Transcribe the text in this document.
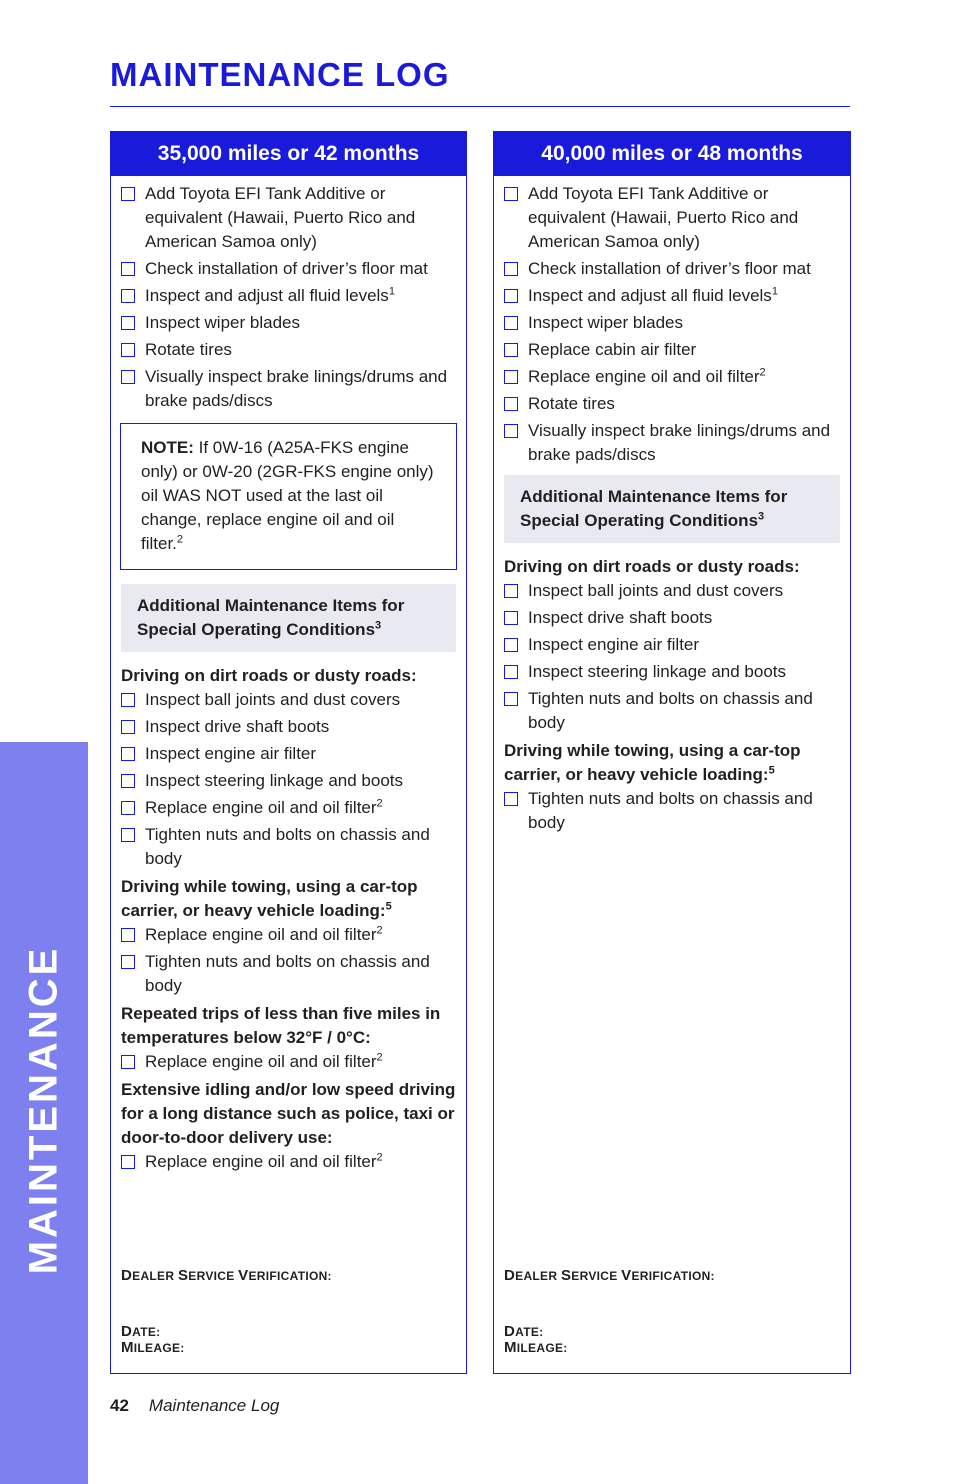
MAINTENANCE
MAINTENANCE LOG
35,000 miles or 42 months
Add Toyota EFI Tank Additive or equivalent (Hawaii, Puerto Rico and American Samoa only)
Check installation of driver’s floor mat
Inspect and adjust all fluid levels$^1$
Inspect wiper blades
Rotate tires
Visually inspect brake linings/drums and brake pads/discs
NOTE: If 0W-16 (A25A-FKS engine only) or 0W-20 (2GR-FKS engine only) oil WAS NOT used at the last oil change, replace engine oil and oil filter.$^2$
Additional Maintenance Items for Special Operating Conditions$^3$
Driving on dirt roads or dusty roads:
Inspect ball joints and dust covers
Inspect drive shaft boots
Inspect engine air filter
Inspect steering linkage and boots
Replace engine oil and oil filter$^2$
Tighten nuts and bolts on chassis and body
Driving while towing, using a car-top carrier, or heavy vehicle loading:$^5$
Replace engine oil and oil filter$^2$
Tighten nuts and bolts on chassis and body
Repeated trips of less than five miles in temperatures below 32°F / 0°C:
Replace engine oil and oil filter$^2$
Extensive idling and/or low speed driving for a long distance such as police, taxi or door-to-door delivery use:
Replace engine oil and oil filter$^2$
DEALER SERVICE VERIFICATION:
DATE:
MILEAGE:
40,000 miles or 48 months
Add Toyota EFI Tank Additive or equivalent (Hawaii, Puerto Rico and American Samoa only)
Check installation of driver’s floor mat
Inspect and adjust all fluid levels$^1$
Inspect wiper blades
Replace cabin air filter
Replace engine oil and oil filter$^2$
Rotate tires
Visually inspect brake linings/drums and brake pads/discs
Additional Maintenance Items for Special Operating Conditions$^3$
Driving on dirt roads or dusty roads:
Inspect ball joints and dust covers
Inspect drive shaft boots
Inspect engine air filter
Inspect steering linkage and boots
Tighten nuts and bolts on chassis and body
Driving while towing, using a car-top carrier, or heavy vehicle loading:$^5$
Tighten nuts and bolts on chassis and body
DEALER SERVICE VERIFICATION:
DATE:
MILEAGE:
42 Maintenance Log
